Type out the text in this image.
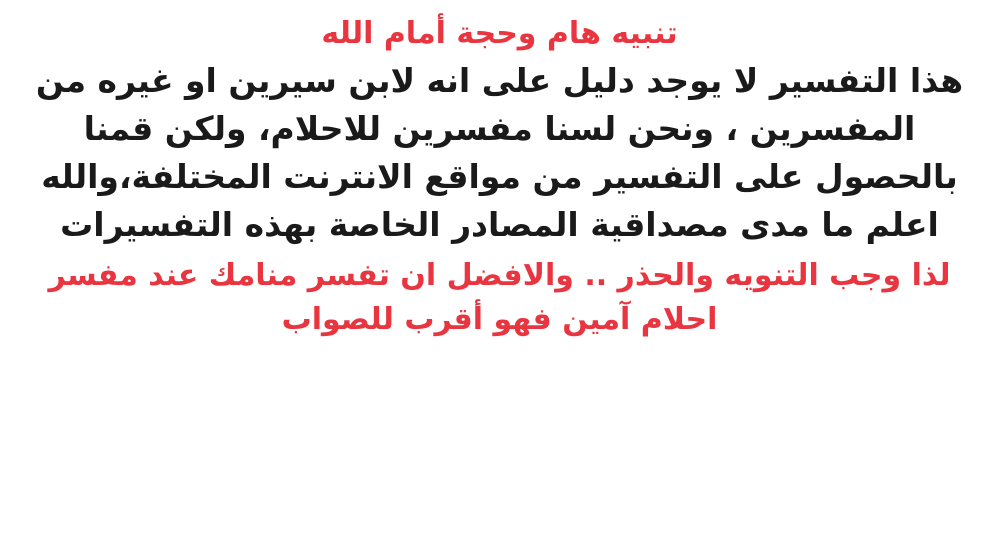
تنبيه هام وحجة أمام الله
هذا التفسير لا يوجد دليل على انه لابن سيرين او غيره من المفسرين ، ونحن لسنا مفسرين للاحلام، ولكن قمنا بالحصول على التفسير من مواقع الانترنت المختلفة،والله اعلم ما مدى مصداقية المصادر الخاصة بهذه التفسيرات
لذا وجب التنويه والحذر .. والافضل ان تفسر منامك عند مفسر احلام آمين فهو أقرب للصواب
